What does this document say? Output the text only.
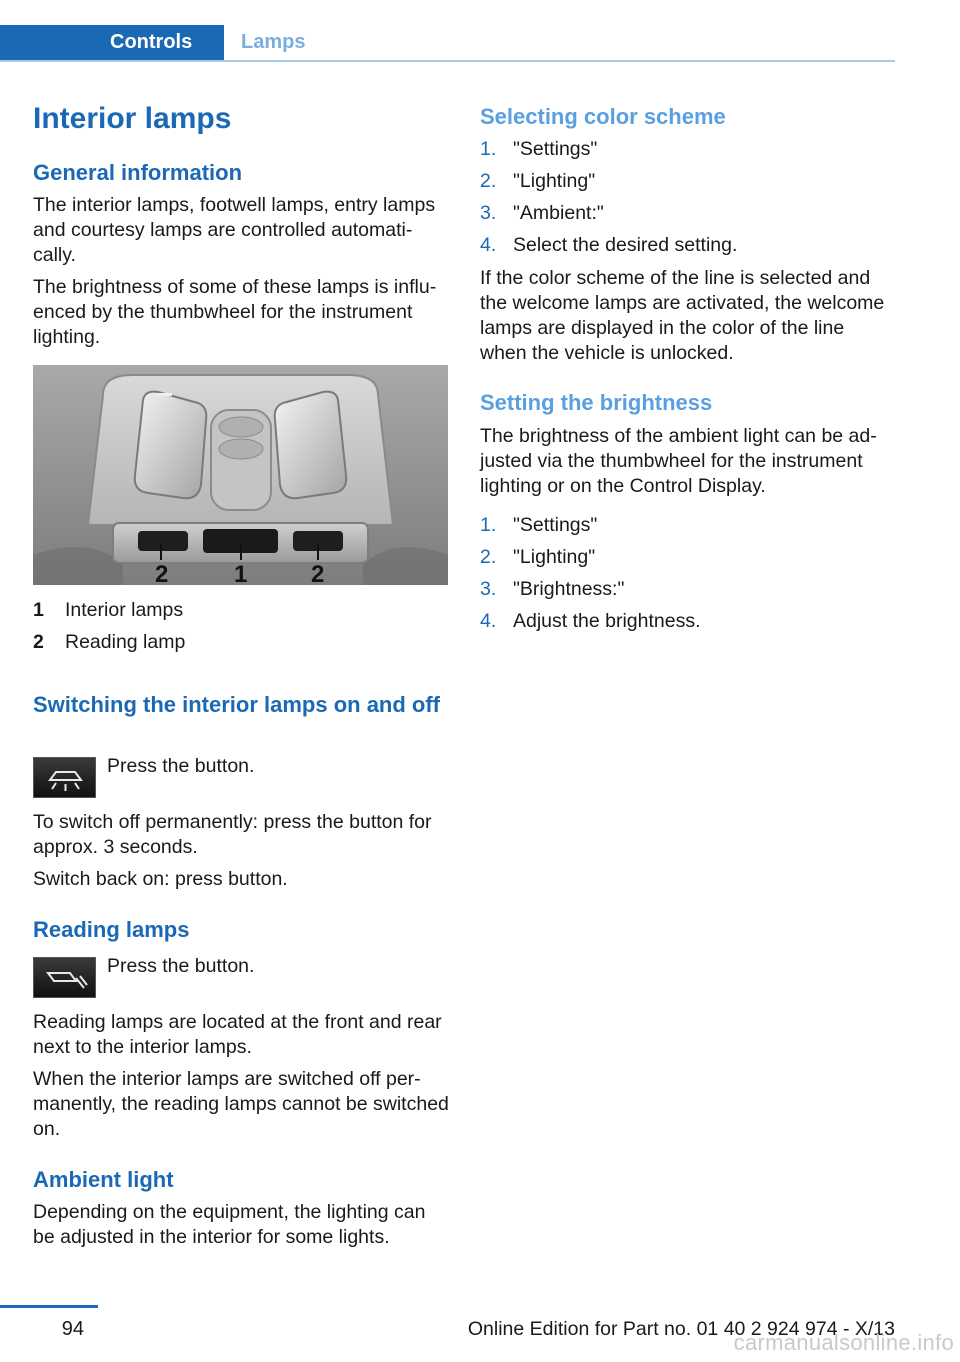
Controls	Lamps
Interior lamps
General information
The interior lamps, footwell lamps, entry lamps and courtesy lamps are controlled automati‐cally.
The brightness of some of these lamps is influ‐enced by the thumbwheel for the instrument lighting.
2	1	2
1 Interior lamps
2 Reading lamp
Switching the interior lamps on and off
Press the button.
To switch off permanently: press the button for approx. 3 seconds.
Switch back on: press button.
Reading lamps
Press the button.
Reading lamps are located at the front and rear next to the interior lamps.
When the interior lamps are switched off per‐manently, the reading lamps cannot be switched on.
Ambient light
Depending on the equipment, the lighting can be adjusted in the interior for some lights.
Selecting color scheme
1. "Settings"
2. "Lighting"
3. "Ambient:"
4. Select the desired setting.
If the color scheme of the line is selected and the welcome lamps are activated, the welcome lamps are displayed in the color of the line when the vehicle is unlocked.
Setting the brightness
The brightness of the ambient light can be ad‐justed via the thumbwheel for the instrument lighting or on the Control Display.
1. "Settings"
2. "Lighting"
3. "Brightness:"
4. Adjust the brightness.
94	Online Edition for Part no. 01 40 2 924 974 - X/13
carmanualsonline.info
